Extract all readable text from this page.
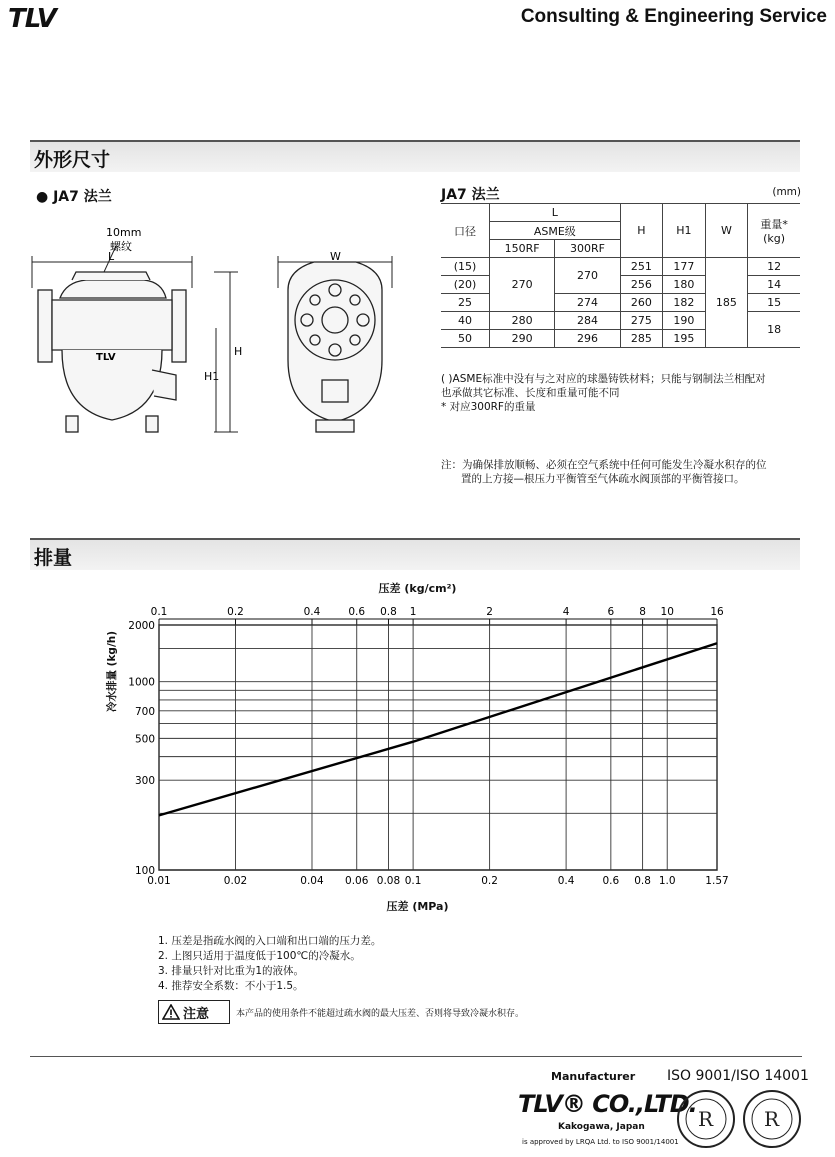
TLV	Consulting & Engineering Service
外形尺寸
● JA7 法兰
10mm
螺纹
L	W
H
H1
TLV
JA7 法兰	(mm)
口径	L		H	H1	W	重量*
(kg)
	ASME级					
	150RF	300RF				
(15)	270	270	251	177	185	12
(20)			256	180		14
25		274	260	182		15
40	280	284	275	190		18
50	290	296	285	195		
( )ASME标准中没有与之对应的球墨铸铁材料；只能与钢制法兰相配对
也承做其它标准、长度和重量可能不同
* 对应300RF的重量
注：为确保排放顺畅、必须在空气系统中任何可能发生冷凝水积存的位
置的上方接—根压力平衡管至气体疏水阀顶部的平衡管接口。
排量
压差 (kg/cm²)
0.01
0.1
0.02
0.2
0.04
0.4
0.06
0.6
0.08
0.8
0.1
1
0.2
2
0.4
4
0.6
6
0.8
8
1.0
10
1.57
16
100
300
500
700
1000
2000
压差 (MPa)
冷水排量 (kg/h)
1. 压差是指疏水阀的入口端和出口端的压力差。
2. 上图只适用于温度低于100℃的冷凝水。
3. 排量只针对比重为1的液体。
4. 推荐安全系数：不小于1.5。
注意	本产品的使用条件不能超过疏水阀的最大压差、否则将导致冷凝水积存。
Manufacturer ISO 9001/ISO 14001
TLV® CO.,LTD.
Kakogawa, Japan
is approved by LRQA Ltd. to ISO 9001/14001
R	R
